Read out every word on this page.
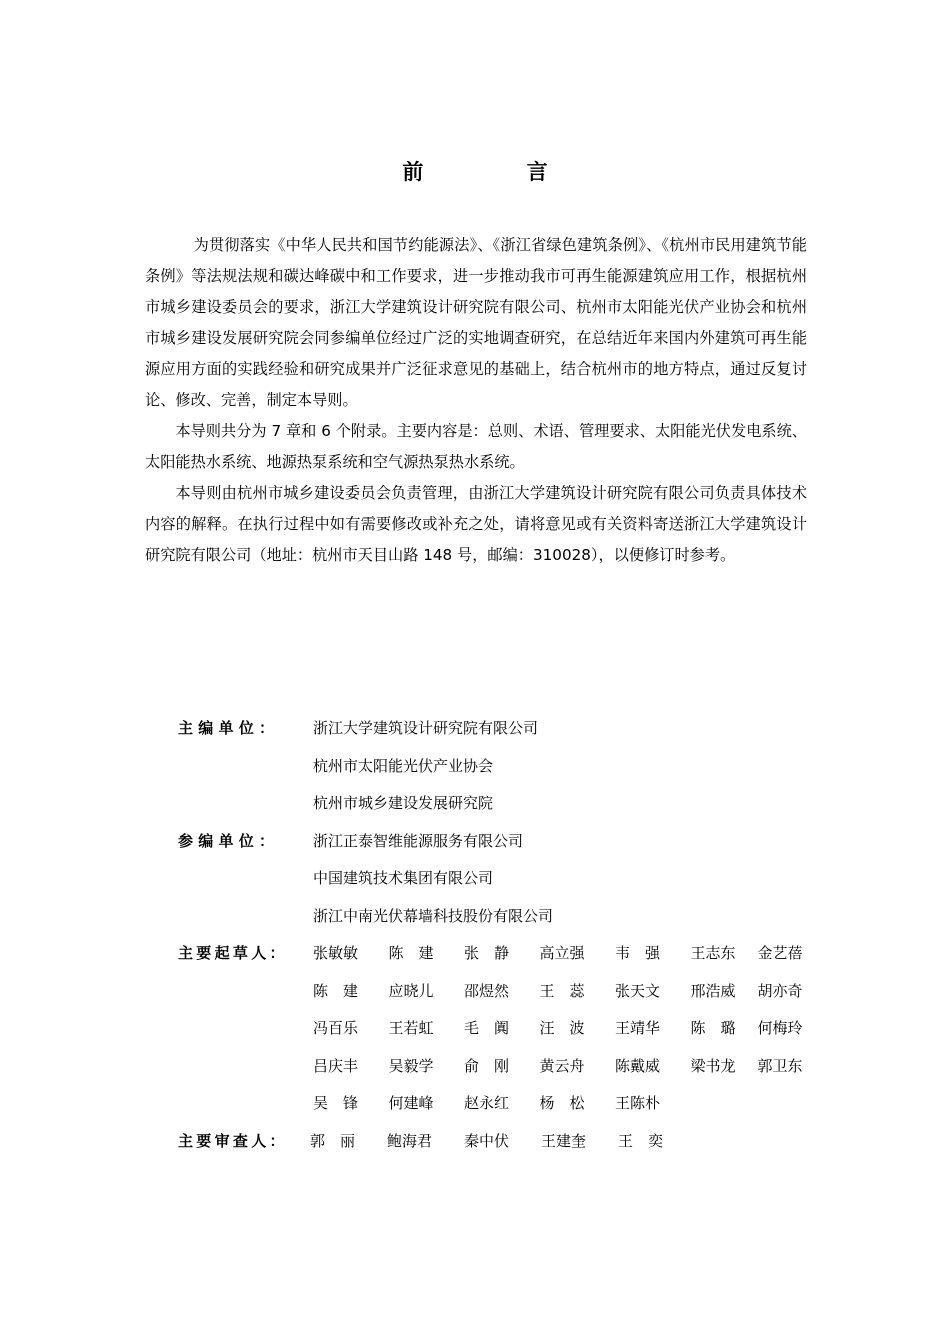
前 言

为贯彻落实《中华人民共和国节约能源法》、《浙江省绿色建筑条例》、《杭州市民用建筑节能条例》等法规法规和碳达峰碳中和工作要求，进一步推动我市可再生能源建筑应用工作，根据杭州市城乡建设委员会的要求，浙江大学建筑设计研究院有限公司、杭州市太阳能光伏产业协会和杭州市城乡建设发展研究院会同参编单位经过广泛的实地调查研究，在总结近年来国内外建筑可再生能源应用方面的实践经验和研究成果并广泛征求意见的基础上，结合杭州市的地方特点，通过反复讨论、修改、完善，制定本导则。

本导则共分为 7 章和 6 个附录。主要内容是：总则、术语、管理要求、太阳能光伏发电系统、太阳能热水系统、地源热泵系统和空气源热泵热水系统。

本导则由杭州市城乡建设委员会负责管理，由浙江大学建筑设计研究院有限公司负责具体技术内容的解释。在执行过程中如有需要修改或补充之处，请将意见或有关资料寄送浙江大学建筑设计研究院有限公司（地址：杭州市天目山路 148 号，邮编：310028），以便修订时参考。

主编单位：	浙江大学建筑设计研究院有限公司
杭州市太阳能光伏产业协会
杭州市城乡建设发展研究院
参编单位：	浙江正泰智维能源服务有限公司
中国建筑技术集团有限公司
浙江中南光伏幕墙科技股份有限公司
主要起草人：	张敏敏	陈　建	张　静	高立强	韦　强	王志东	金艺蓓
陈　建	应晓儿	邵煜然	王　蕊	张天文	邢浩威	胡亦奇
冯百乐	王若虹	毛　阗	汪　波	王靖华	陈　璐	何梅玲
吕庆丰	吴毅学	俞　刚	黄云舟	陈戴威	梁书龙	郭卫东
吴　锋	何建峰	赵永红	杨　松	王陈朴
主要审查人：	郭　丽	鲍海君	秦中伏	王建奎	王　奕
